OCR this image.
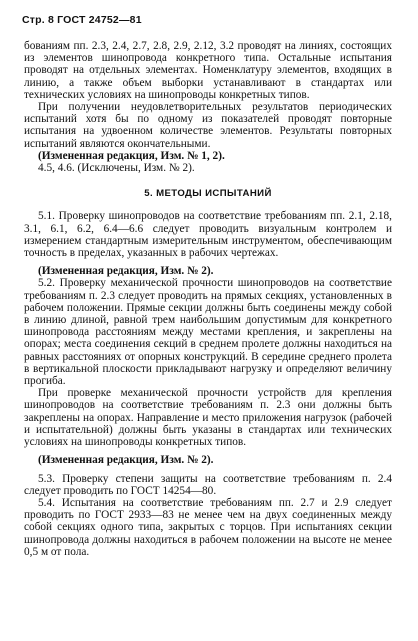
Стр. 8 ГОСТ 24752—81

бованиям пп. 2.3, 2.4, 2.7, 2.8, 2.9, 2.12, 3.2 проводят на линиях, состоящих из элементов шинопровода конкретного типа. Остальные испытания проводят на отдельных элементах. Номенклатуру элементов, входящих в линию, а также объем выборки устанавливают в стандартах или технических условиях на шинопроводы конкретных типов.

При получении неудовлетворительных результатов периодических испытаний хотя бы по одному из показателей проводят повторные испытания на удвоенном количестве элементов. Результаты повторных испытаний являются окончательными.

(Измененная редакция, Изм. № 1, 2).

4.5, 4.6. (Исключены, Изм. № 2).

5. МЕТОДЫ ИСПЫТАНИЙ

5.1. Проверку шинопроводов на соответствие требованиям пп. 2.1, 2.18, 3.1, 6.1, 6.2, 6.4—6.6 следует проводить визуальным контролем и измерением стандартным измерительным инструментом, обеспечивающим точность в пределах, указанных в рабочих чертежах.

(Измененная редакция, Изм. № 2).

5.2. Проверку механической прочности шинопроводов на соответствие требованиям п. 2.3 следует проводить на прямых секциях, установленных в рабочем положении. Прямые секции должны быть соединены между собой в линию длиной, равной трем наибольшим допустимым для конкретного шинопровода расстояниям между местами крепления, и закреплены на опорах; места соединения секций в среднем пролете должны находиться на равных расстояниях от опорных конструкций. В середине среднего пролета в вертикальной плоскости прикладывают нагрузку и определяют величину прогиба.

При проверке механической прочности устройств для крепления шинопроводов на соответствие требованиям п. 2.3 они должны быть закреплены на опорах. Направление и место приложения нагрузок (рабочей и испытательной) должны быть указаны в стандартах или технических условиях на шинопроводы конкретных типов.

(Измененная редакция, Изм. № 2).

5.3. Проверку степени защиты на соответствие требованиям п. 2.4 следует проводить по ГОСТ 14254—80.

5.4. Испытания на соответствие требованиям пп. 2.7 и 2.9 следует проводить по ГОСТ 2933—83 не менее чем на двух соединенных между собой секциях одного типа, закрытых с торцов. При испытаниях секции шинопровода должны находиться в рабочем положении на высоте не менее 0,5 м от пола.
